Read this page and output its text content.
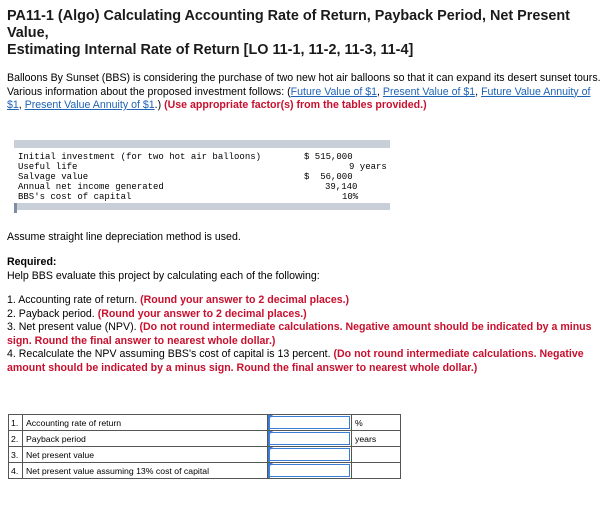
PA11-1 (Algo) Calculating Accounting Rate of Return, Payback Period, Net Present Value,
Estimating Internal Rate of Return [LO 11-1, 11-2, 11-3, 11-4]
Balloons By Sunset (BBS) is considering the purchase of two new hot air balloons so that it can expand its desert sunset tours. Various information about the proposed investment follows: (Future Value of $1, Present Value of $1, Future Value Annuity of $1, Present Value Annuity of $1.) (Use appropriate factor(s) from the tables provided.)
Initial investment (for two hot air balloons)	$ 515,000
Useful life	9 years
Salvage value	$  56,000
Annual net income generated	39,140
BBS's cost of capital	10%
Assume straight line depreciation method is used.
Required:
Help BBS evaluate this project by calculating each of the following:
1. Accounting rate of return. (Round your answer to 2 decimal places.)
2. Payback period. (Round your answer to 2 decimal places.)
3. Net present value (NPV). (Do not round intermediate calculations. Negative amount should be indicated by a minus sign. Round the final answer to nearest whole dollar.)
4. Recalculate the NPV assuming BBS's cost of capital is 13 percent. (Do not round intermediate calculations. Negative amount should be indicated by a minus sign. Round the final answer to nearest whole dollar.)
1.	Accounting rate of return		%
2.	Payback period		years
3.	Net present value	

4.	Net present value assuming 13% cost of capital	
